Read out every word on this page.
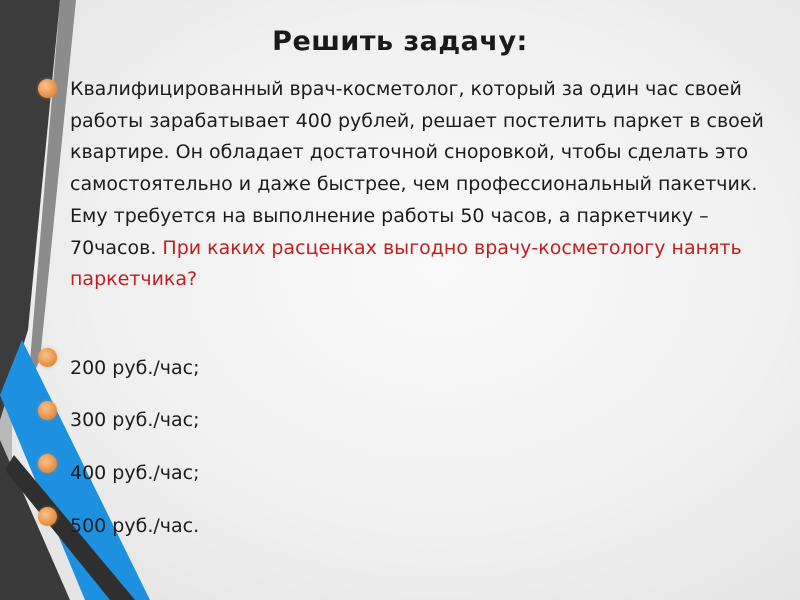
Решить задачу:
Квалифицированный врач-косметолог, который за один час своей работы зарабатывает 400 рублей, решает постелить паркет в своей квартире. Он обладает достаточной сноровкой, чтобы сделать это самостоятельно и даже быстрее, чем профессиональный пакетчик. Ему требуется на выполнение работы 50 часов, а паркетчику – 70часов. При каких расценках выгодно врачу-косметологу нанять паркетчика?
200 руб./час;
300 руб./час;
400 руб./час;
500 руб./час.
